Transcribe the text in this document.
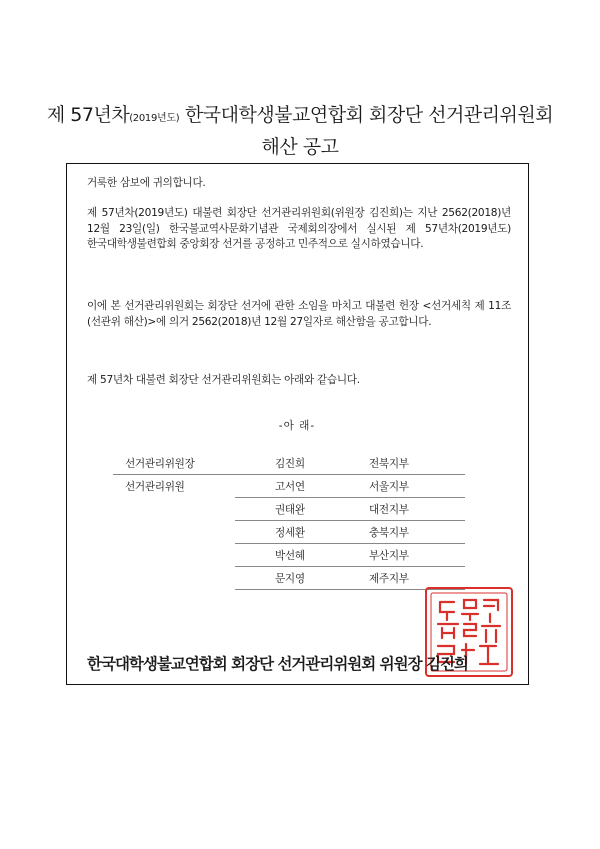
제 57년차(2019년도) 한국대학생불교연합회 회장단 선거관리위원회
해산 공고

거룩한 삼보에 귀의합니다.

제 57년차(2019년도) 대불련 회장단 선거관리위원회(위원장 김진희)는 지난 2562(2018)년 12월 23일(일) 한국불교역사문화기념관 국제회의장에서 실시된 제 57년차(2019년도) 한국대학생불련합회 중앙회장 선거를 공정하고 민주적으로 실시하였습니다.

이에 본 선거관리위원회는 회장단 선거에 관한 소임을 마치고 대불련 헌장 <선거세칙 제 11조(선관위 해산)>에 의거 2562(2018)년 12월 27일자로 해산함을 공고합니다.

제 57년차 대불련 회장단 선거관리위원회는 아래와 같습니다.

-아 래-
선거관리위원장	김진희	전북지부
선거관리위원	고서연	서울지부
권태완	대전지부
정세환	충북지부
박선혜	부산지부
문지영	제주지부
한국대학생불교연합회 회장단 선거관리위원회 위원장 김진희
